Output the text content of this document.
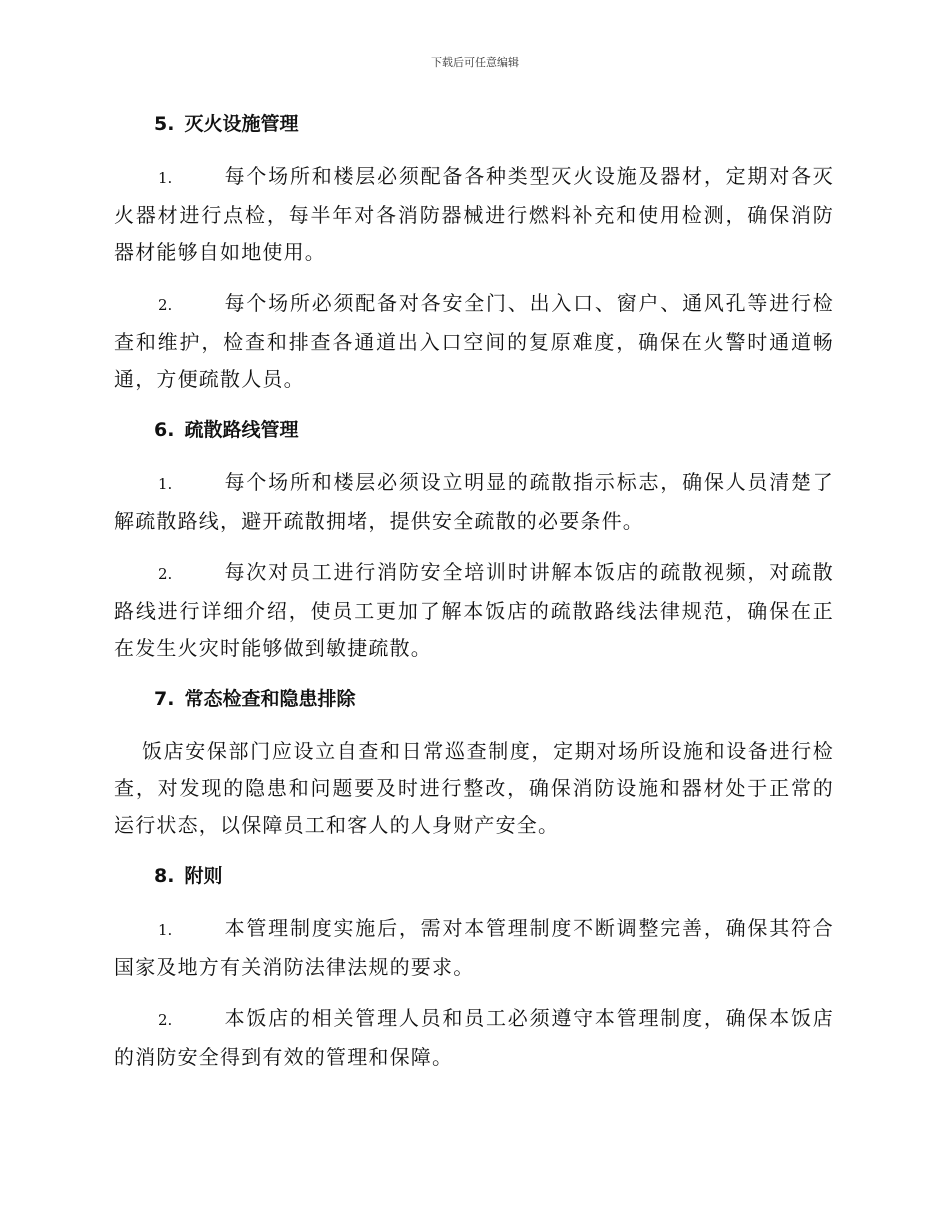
下载后可任意编辑
5. 灭火设施管理

1.	每个场所和楼层必须配备各种类型灭火设施及器材，定期对各灭火器材进行点检，每半年对各消防器械进行燃料补充和使用检测，确保消防器材能够自如地使用。

2.	每个场所必须配备对各安全门、出入口、窗户、通风孔等进行检查和维护，检查和排查各通道出入口空间的复原难度，确保在火警时通道畅通，方便疏散人员。

6. 疏散路线管理

1.	每个场所和楼层必须设立明显的疏散指示标志，确保人员清楚了解疏散路线，避开疏散拥堵，提供安全疏散的必要条件。

2.	每次对员工进行消防安全培训时讲解本饭店的疏散视频，对疏散路线进行详细介绍，使员工更加了解本饭店的疏散路线法律规范，确保在正在发生火灾时能够做到敏捷疏散。

7. 常态检查和隐患排除

饭店安保部门应设立自查和日常巡查制度，定期对场所设施和设备进行检查，对发现的隐患和问题要及时进行整改，确保消防设施和器材处于正常的运行状态，以保障员工和客人的人身财产安全。

8. 附则

1.	本管理制度实施后，需对本管理制度不断调整完善，确保其符合国家及地方有关消防法律法规的要求。

2.	本饭店的相关管理人员和员工必须遵守本管理制度，确保本饭店的消防安全得到有效的管理和保障。
